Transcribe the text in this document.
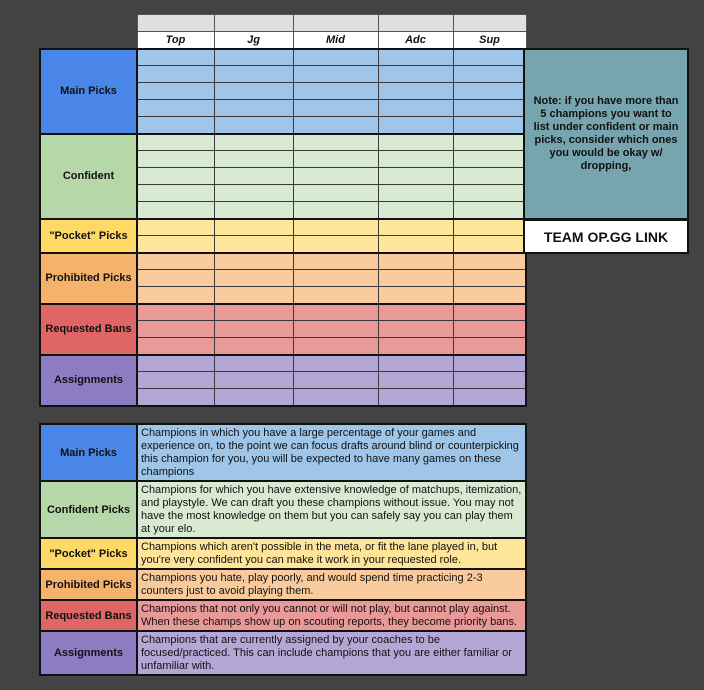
	Top	Jg	Mid	Adc	Sup
Main Picks					

Confident					

"Pocket" Picks					

Prohibited Picks					

Requested Bans					

Assignments					

Note: if you have more than 5 champions you want to list under confident or main picks, consider which ones you would be okay w/ dropping,
TEAM OP.GG LINK
Main Picks	Champions in which you have a large percentage of your games and experience on, to the point we can focus drafts around blind or counterpicking this champion for you, you will be expected to have many games on these champions
Confident Picks	Champions for which you have extensive knowledge of matchups, itemization, and playstyle. We can draft you these champions without issue. You may not have the most knowledge on them but you can safely say you can play them at your elo.
"Pocket" Picks	Champions which aren't possible in the meta, or fit the lane played in, but you're very confident you can make it work in your requested role.
Prohibited Picks	Champions you hate, play poorly, and would spend time practicing 2-3 counters just to avoid playing them.
Requested Bans	Champions that not only you cannot or will not play, but cannot play against. When these champs show up on scouting reports, they become priority bans.
Assignments	Champions that are currently assigned by your coaches to be focused/practiced. This can include champions that you are either familiar or unfamiliar with.
